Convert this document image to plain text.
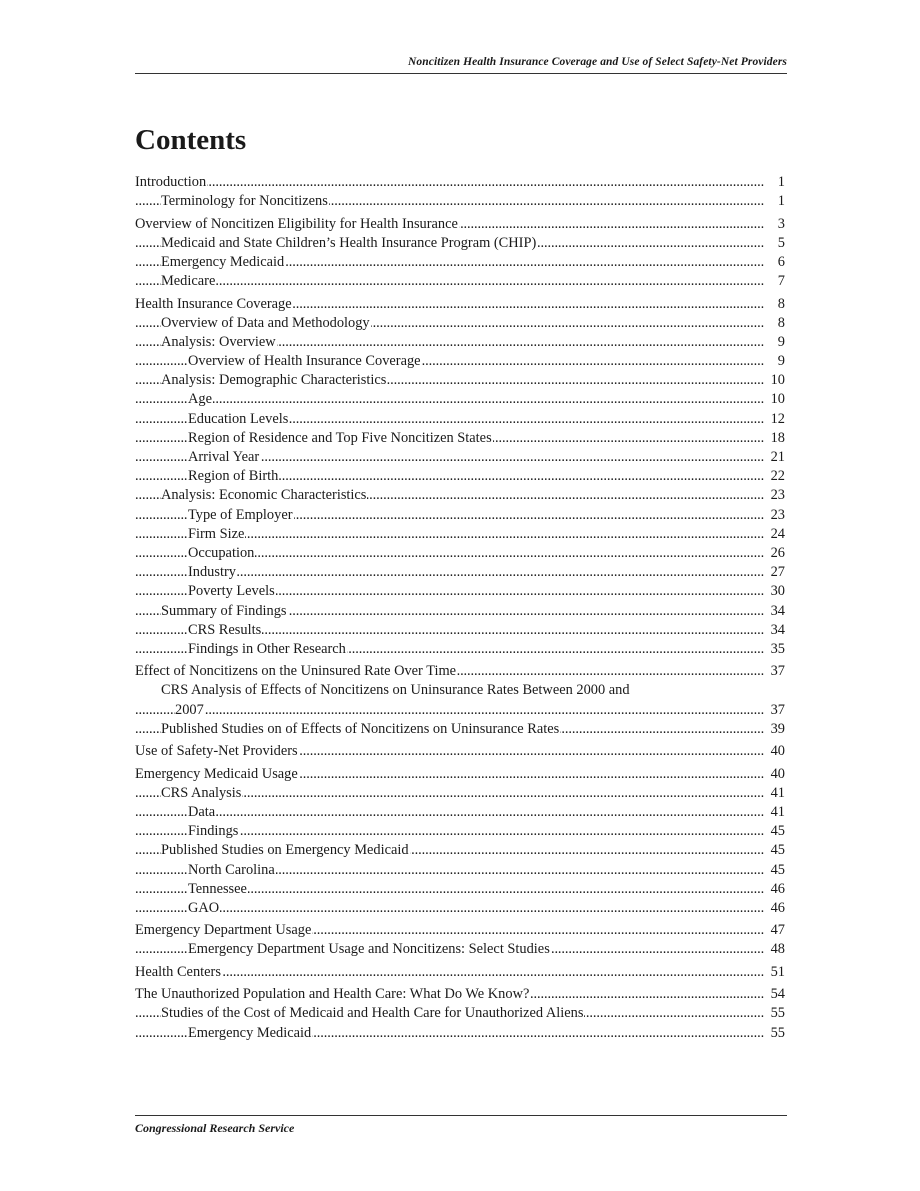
Noncitizen Health Insurance Coverage and Use of Select Safety-Net Providers
Contents
Introduction	1
. . .
Terminology for Noncitizens	1
. . .
Overview of Noncitizen Eligibility for Health Insurance	3
. . .
Medicaid and State Children’s Health Insurance Program (CHIP)	5
. . .
Emergency Medicaid	6
. . .
Medicare	7
. . .
Health Insurance Coverage	8
. . .
Overview of Data and Methodology	8
. . .
Analysis: Overview	9
. . .
Overview of Health Insurance Coverage	9
. . .
Analysis: Demographic Characteristics	10
. . .
Age	10
. . .
Education Levels	12
. . .
Region of Residence and Top Five Noncitizen States	18
. . .
Arrival Year	21
. . .
Region of Birth	22
. . .
Analysis: Economic Characteristics	23
. . .
Type of Employer	23
. . .
Firm Size	24
. . .
Occupation	26
. . .
Industry	27
. . .
Poverty Levels	30
. . .
Summary of Findings	34
. . .
CRS Results	34
. . .
Findings in Other Research	35
. . .
Effect of Noncitizens on the Uninsured Rate Over Time	37
. . .
CRS Analysis of Effects of Noncitizens on Uninsurance Rates Between 2000 and
2007	37
. . .
Published Studies on of Effects of Noncitizens on Uninsurance Rates	39
. . .
Use of Safety-Net Providers	40
. . .
Emergency Medicaid Usage	40
. . .
CRS Analysis	41
. . .
Data	41
. . .
Findings	45
. . .
Published Studies on Emergency Medicaid	45
. . .
North Carolina	45
. . .
Tennessee	46
. . .
GAO	46
. . .
Emergency Department Usage	47
. . .
Emergency Department Usage and Noncitizens: Select Studies	48
. . .
Health Centers	51
. . .
The Unauthorized Population and Health Care: What Do We Know?	54
. . .
Studies of the Cost of Medicaid and Health Care for Unauthorized Aliens	55
. . .
Emergency Medicaid	55
. . .
Congressional Research Service
